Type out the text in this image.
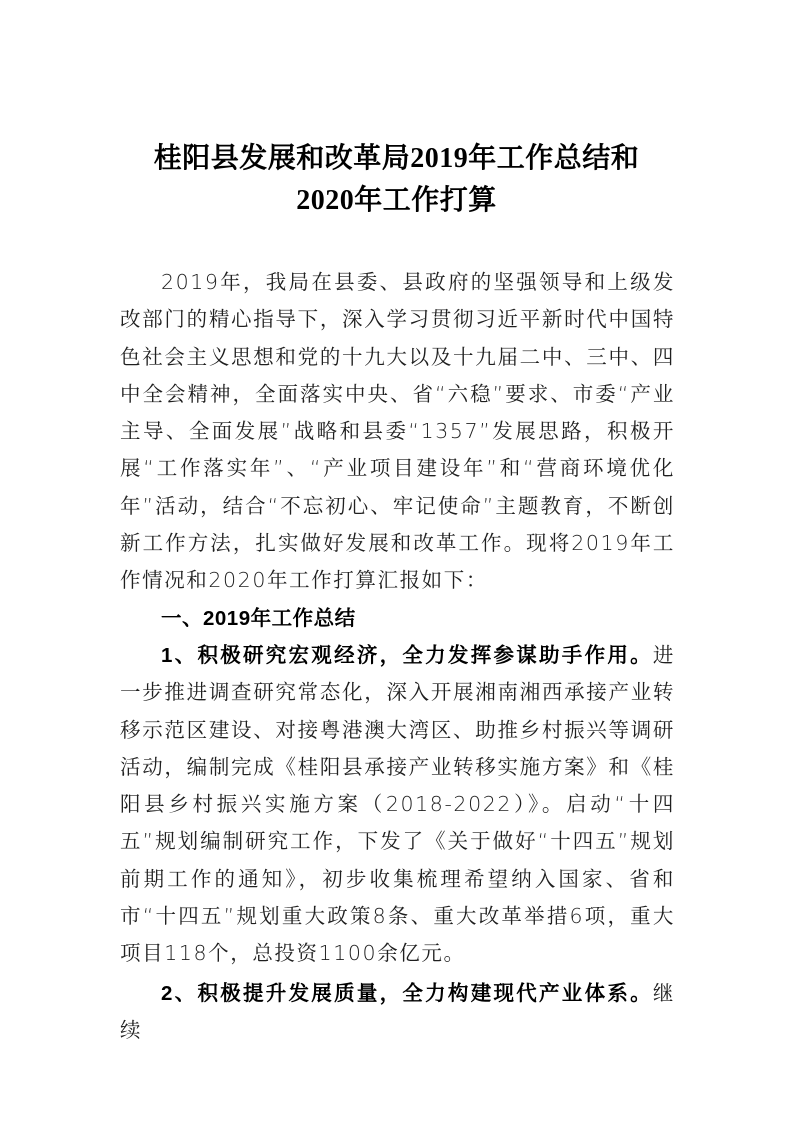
桂阳县发展和改革局2019年工作总结和
2020年工作打算

2019年，我局在县委、县政府的坚强领导和上级发改部门的精心指导下，深入学习贯彻习近平新时代中国特色社会主义思想和党的十九大以及十九届二中、三中、四中全会精神，全面落实中央、省“六稳”要求、市委“产业主导、全面发展”战略和县委“1357”发展思路，积极开展“工作落实年”、“产业项目建设年”和“营商环境优化年”活动，结合“不忘初心、牢记使命”主题教育，不断创新工作方法，扎实做好发展和改革工作。现将2019年工作情况和2020年工作打算汇报如下：

一、2019年工作总结

1、积极研究宏观经济，全力发挥参谋助手作用。进一步推进调查研究常态化，深入开展湘南湘西承接产业转移示范区建设、对接粤港澳大湾区、助推乡村振兴等调研活动，编制完成《桂阳县承接产业转移实施方案》和《桂阳县乡村振兴实施方案（2018-2022）》。启动“十四五”规划编制研究工作，下发了《关于做好“十四五”规划前期工作的通知》，初步收集梳理希望纳入国家、省和市“十四五”规划重大政策8条、重大改革举措6项，重大项目118个，总投资1100余亿元。

2、积极提升发展质量，全力构建现代产业体系。继续
